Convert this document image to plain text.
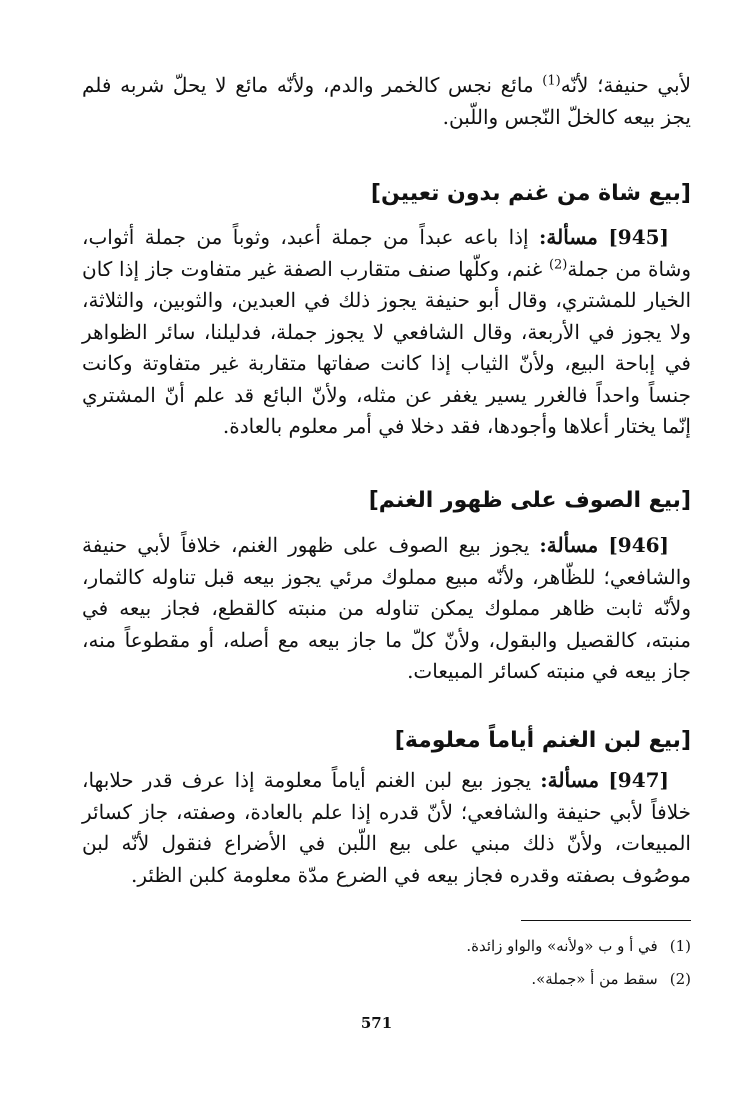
لأبي حنيفة؛ لأنّه$^{(1)}$ مائع نجس كالخمر والدم، ولأنّه مائع لا يحلّ شربه فلم يجز بيعه كالخلّ النّجس واللّبن.

[بيع شاة من غنم بدون تعيين]

[945] مسألة: إذا باعه عبداً من جملة أعبد، وثوباً من جملة أثواب، وشاة من جملة$^{(2)}$ غنم، وكلّها صنف متقارب الصفة غير متفاوت جاز إذا كان الخيار للمشتري، وقال أبو حنيفة يجوز ذلك في العبدين، والثوبين، والثلاثة، ولا يجوز في الأربعة، وقال الشافعي لا يجوز جملة، فدليلنا، سائر الظواهر في إباحة البيع، ولأنّ الثياب إذا كانت صفاتها متقاربة غير متفاوتة وكانت جنساً واحداً فالغرر يسير يغفر عن مثله، ولأنّ البائع قد علم أنّ المشتري إنّما يختار أعلاها وأجودها، فقد دخلا في أمر معلوم بالعادة.

[بيع الصوف على ظهور الغنم]

[946] مسألة: يجوز بيع الصوف على ظهور الغنم، خلافاً لأبي حنيفة والشافعي؛ للظّاهر، ولأنّه مبيع مملوك مرئي يجوز بيعه قبل تناوله كالثمار، ولأنّه ثابت ظاهر مملوك يمكن تناوله من منبته كالقطع، فجاز بيعه في منبته، كالقصيل والبقول، ولأنّ كلّ ما جاز بيعه مع أصله، أو مقطوعاً منه، جاز بيعه في منبته كسائر المبيعات.

[بيع لبن الغنم أياماً معلومة]

[947] مسألة: يجوز بيع لبن الغنم أياماً معلومة إذا عرف قدر حلابها، خلافاً لأبي حنيفة والشافعي؛ لأنّ قدره إذا علم بالعادة، وصفته، جاز كسائر المبيعات، ولأنّ ذلك مبني على بيع اللّبن في الأضراع فنقول لأنّه لبن موصُوف بصفته وقدره فجاز بيعه في الضرع مدّة معلومة كلبن الظئر.

(1)في أ و ب «ولأنه» والواو زائدة.

(2)سقط من أ «جملة».

571
